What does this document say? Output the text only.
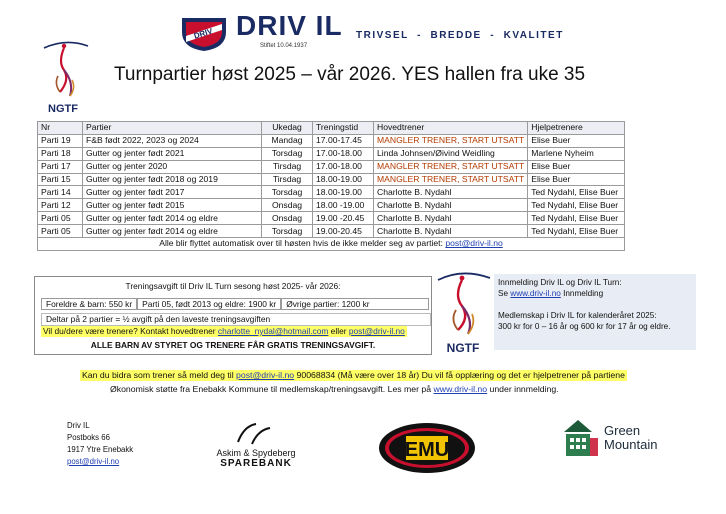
DRIV DRIV IL
Stiftet 10.04.1937
TRIVSEL  -  BREDDE  -  KVALITET
NGTF
Turnpartier høst 2025 – vår 2026. YES hallen fra uke 35
Nr	Partier	Ukedag	Treningstid	Hovedtrener	Hjelpetrenere
Parti 19	F&B født 2022, 2023 og 2024	Mandag	17.00-17.45	MANGLER TRENER, START UTSATT	Elise Buer
Parti 18	Gutter og jenter født 2021	Torsdag	17.00-18.00	Linda Johnsen/Øivind Weidling	Marlene Nyheim
Parti 17	Gutter og jenter 2020	Tirsdag	17.00-18.00	MANGLER TRENER, START UTSATT	Elise Buer
Parti 15	Gutter og jenter født 2018 og 2019	Tirsdag	18.00-19.00	MANGLER TRENER, START UTSATT	Elise Buer
Parti 14	Gutter og jenter født 2017	Torsdag	18.00-19.00	Charlotte B. Nydahl	Ted Nydahl, Elise Buer
Parti 12	Gutter og jenter født 2015	Onsdag	18.00 -19.00	Charlotte B. Nydahl	Ted Nydahl, Elise Buer
Parti 05	Gutter og jenter født 2014 og eldre	Onsdag	19.00 -20.45	Charlotte B. Nydahl	Ted Nydahl, Elise Buer
Parti 05	Gutter og jenter født 2014 og eldre	Torsdag	19.00-20.45	Charlotte B. Nydahl	Ted Nydahl, Elise Buer
Alle blir flyttet automatisk over til høsten hvis de ikke melder seg av partiet: post@driv-il.no					
Treningsavgift til Driv IL Turn sesong høst 2025- vår 2026:
Foreldre & barn: 550 kr	Parti 05, født 2013 og eldre: 1900 kr	Øvrige partier: 1200 kr
Deltar på 2 partier = ½ avgift på den laveste treningsavgiften
Vil du/dere være trenere? Kontakt hovedtrener charlotte_nydal@hotmail.com eller post@driv-il.no
ALLE BARN AV STYRET OG TRENERE FÅR GRATIS TRENINGSAVGIFT.	NGTF
Innmelding Driv IL og Driv IL Turn:
Se www.driv-il.no Innmelding
Medlemskap i Driv IL for kalenderåret 2025:
300 kr for 0 – 16 år og 600 kr for 17 år og eldre.
Kan du bidra som trener så meld deg til post@driv-il.no 90068834 (Må være over 18 år) Du vil få opplæring og det er hjelpetrener på partiene
Økonomisk støtte fra Enebakk Kommune til medlemskap/treningsavgift. Les mer på www.driv-il.no under innmelding.
Driv IL
Postboks 66
1917 Ytre Enebakk
post@driv-il.no
Askim & Spydeberg
SPAREBANK
EMU
Green
Mountain
